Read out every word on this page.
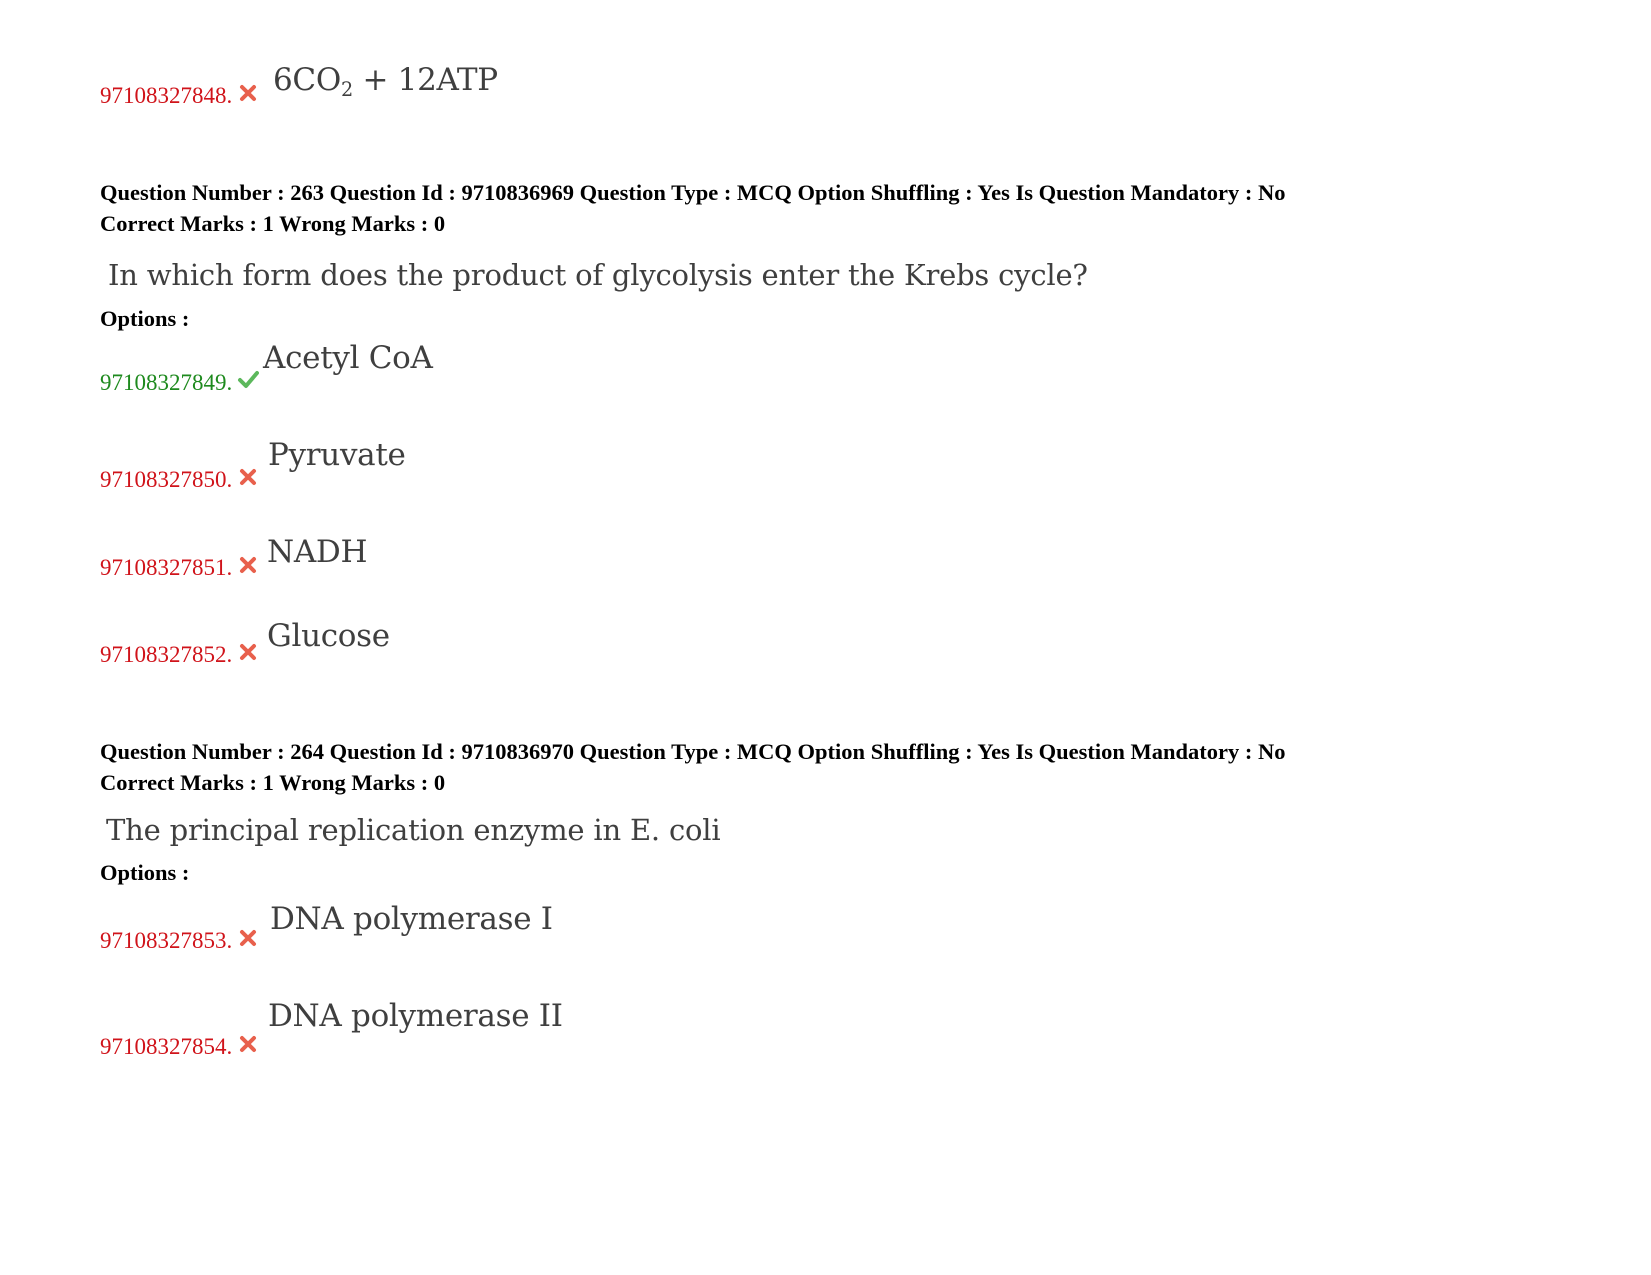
97108327848. $6CO_2 + 12ATP$
Question Number : 263 Question Id : 9710836969 Question Type : MCQ Option Shuffling : Yes Is Question Mandatory : No
Correct Marks : 1 Wrong Marks : 0
In which form does the product of glycolysis enter the Krebs cycle?
Options :
97108327849.
Acetyl CoA
97108327850.
Pyruvate
97108327851. NADH
97108327852.
Glucose
Question Number : 264 Question Id : 9710836970 Question Type : MCQ Option Shuffling : Yes Is Question Mandatory : No
Correct Marks : 1 Wrong Marks : 0
The principal replication enzyme in E. coli
Options :
97108327853.
DNA polymerase I
97108327854.
DNA polymerase II
